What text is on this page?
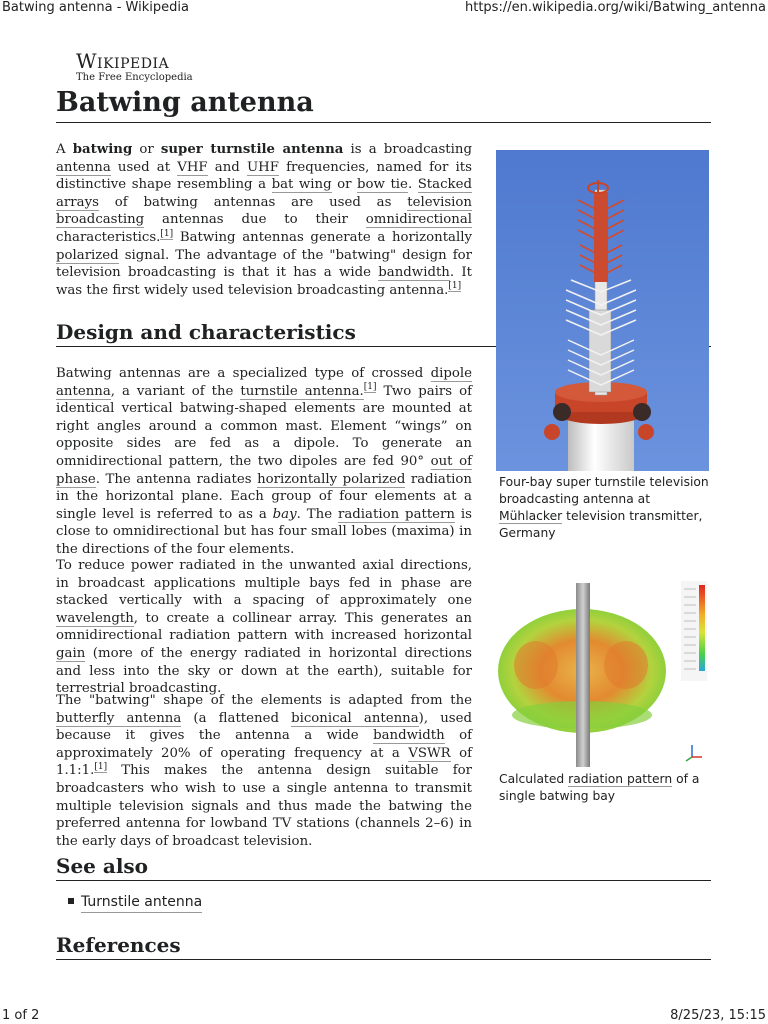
Batwing antenna - Wikipedia	https://en.wikipedia.org/wiki/Batwing_antenna
Wikipedia
The Free Encyclopedia
Batwing antenna

A batwing or super turnstile antenna is a broadcasting antenna used at VHF and UHF frequencies, named for its distinctive shape resembling a bat wing or bow tie. Stacked arrays of batwing antennas are used as television broadcasting antennas due to their omnidirectional characteristics.[1] Batwing antennas generate a horizontally polarized signal. The advantage of the "batwing" design for television broadcasting is that it has a wide bandwidth. It was the first widely used television broadcasting antenna.[1]

Design and characteristics

Batwing antennas are a specialized type of crossed dipole antenna, a variant of the turnstile antenna.[1] Two pairs of identical vertical batwing-shaped elements are mounted at right angles around a common mast. Element “wings” on opposite sides are fed as a dipole. To generate an omnidirectional pattern, the two dipoles are fed 90° out of phase. The antenna radiates horizontally polarized radiation in the horizontal plane. Each group of four elements at a single level is referred to as a bay. The radiation pattern is close to omnidirectional but has four small lobes (maxima) in the directions of the four elements.

To reduce power radiated in the unwanted axial directions, in broadcast applications multiple bays fed in phase are stacked vertically with a spacing of approximately one wavelength, to create a collinear array. This generates an omnidirectional radiation pattern with increased horizontal gain (more of the energy radiated in horizontal directions and less into the sky or down at the earth), suitable for terrestrial broadcasting.

The "batwing" shape of the elements is adapted from the butterfly antenna (a flattened biconical antenna), used because it gives the antenna a wide bandwidth of approximately 20% of operating frequency at a VSWR of 1.1:1.[1] This makes the antenna design suitable for broadcasters who wish to use a single antenna to transmit multiple television signals and thus made the batwing the preferred antenna for lowband TV stations (channels 2–6) in the early days of broadcast television.

Four-bay super turnstile television broadcasting antenna at Mühlacker television transmitter, Germany
Calculated radiation pattern of a single batwing bay
See also
Turnstile antenna
References
1 of 2	8/25/23, 15:15
